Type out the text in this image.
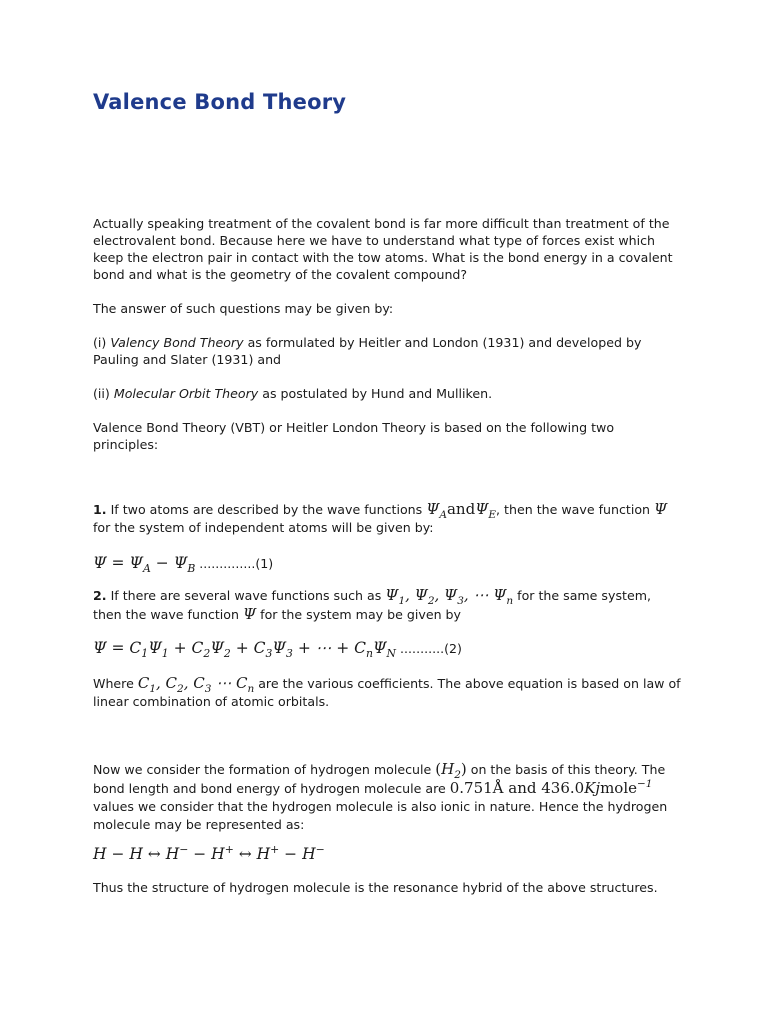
Valence Bond Theory

Actually speaking treatment of the covalent bond is far more difficult than treatment of the electrovalent bond. Because here we have to understand what type of forces exist which keep the electron pair in contact with the tow atoms. What is the bond energy in a covalent bond and what is the geometry of the covalent compound?

The answer of such questions may be given by:

(i) Valency Bond Theory as formulated by Heitler and London (1931) and developed by Pauling and Slater (1931) and

(ii) Molecular Orbit Theory as postulated by Hund and Mulliken.

Valence Bond Theory (VBT) or Heitler London Theory is based on the following two principles:

1. If two atoms are described by the wave functions $\Psi_Aand\Psi_E$, then the wave function Ψ for the system of independent atoms will be given by:

$\Psi = \Psi_A - \Psi_B$ ..............(1)

2. If there are several wave functions such as $\Psi_1$, $\Psi_2$, $\Psi_3$, ⋯ $\Psi_n$ for the same system, then the wave function Ψ for the system may be given by

$\Psi = C_1\Psi_1 + C_2\Psi_2 + C_3\Psi_3$ + ⋯ + $C_n\Psi_N$ ...........(2)

Where $C_1$, $C_2$, $C_3$ ⋯ $C_n$ are the various coefficients. The above equation is based on law of linear combination of atomic orbitals.

Now we consider the formation of hydrogen molecule $(H_2)$ on the basis of this theory. The bond length and bond energy of hydrogen molecule are 0.751Å and 436.0Kjmole$^{-1}$ values we consider that the hydrogen molecule is also ionic in nature. Hence the hydrogen molecule may be represented as:

H − H ↔ H− − H+ ↔ H+ − H−

Thus the structure of hydrogen molecule is the resonance hybrid of the above structures.
